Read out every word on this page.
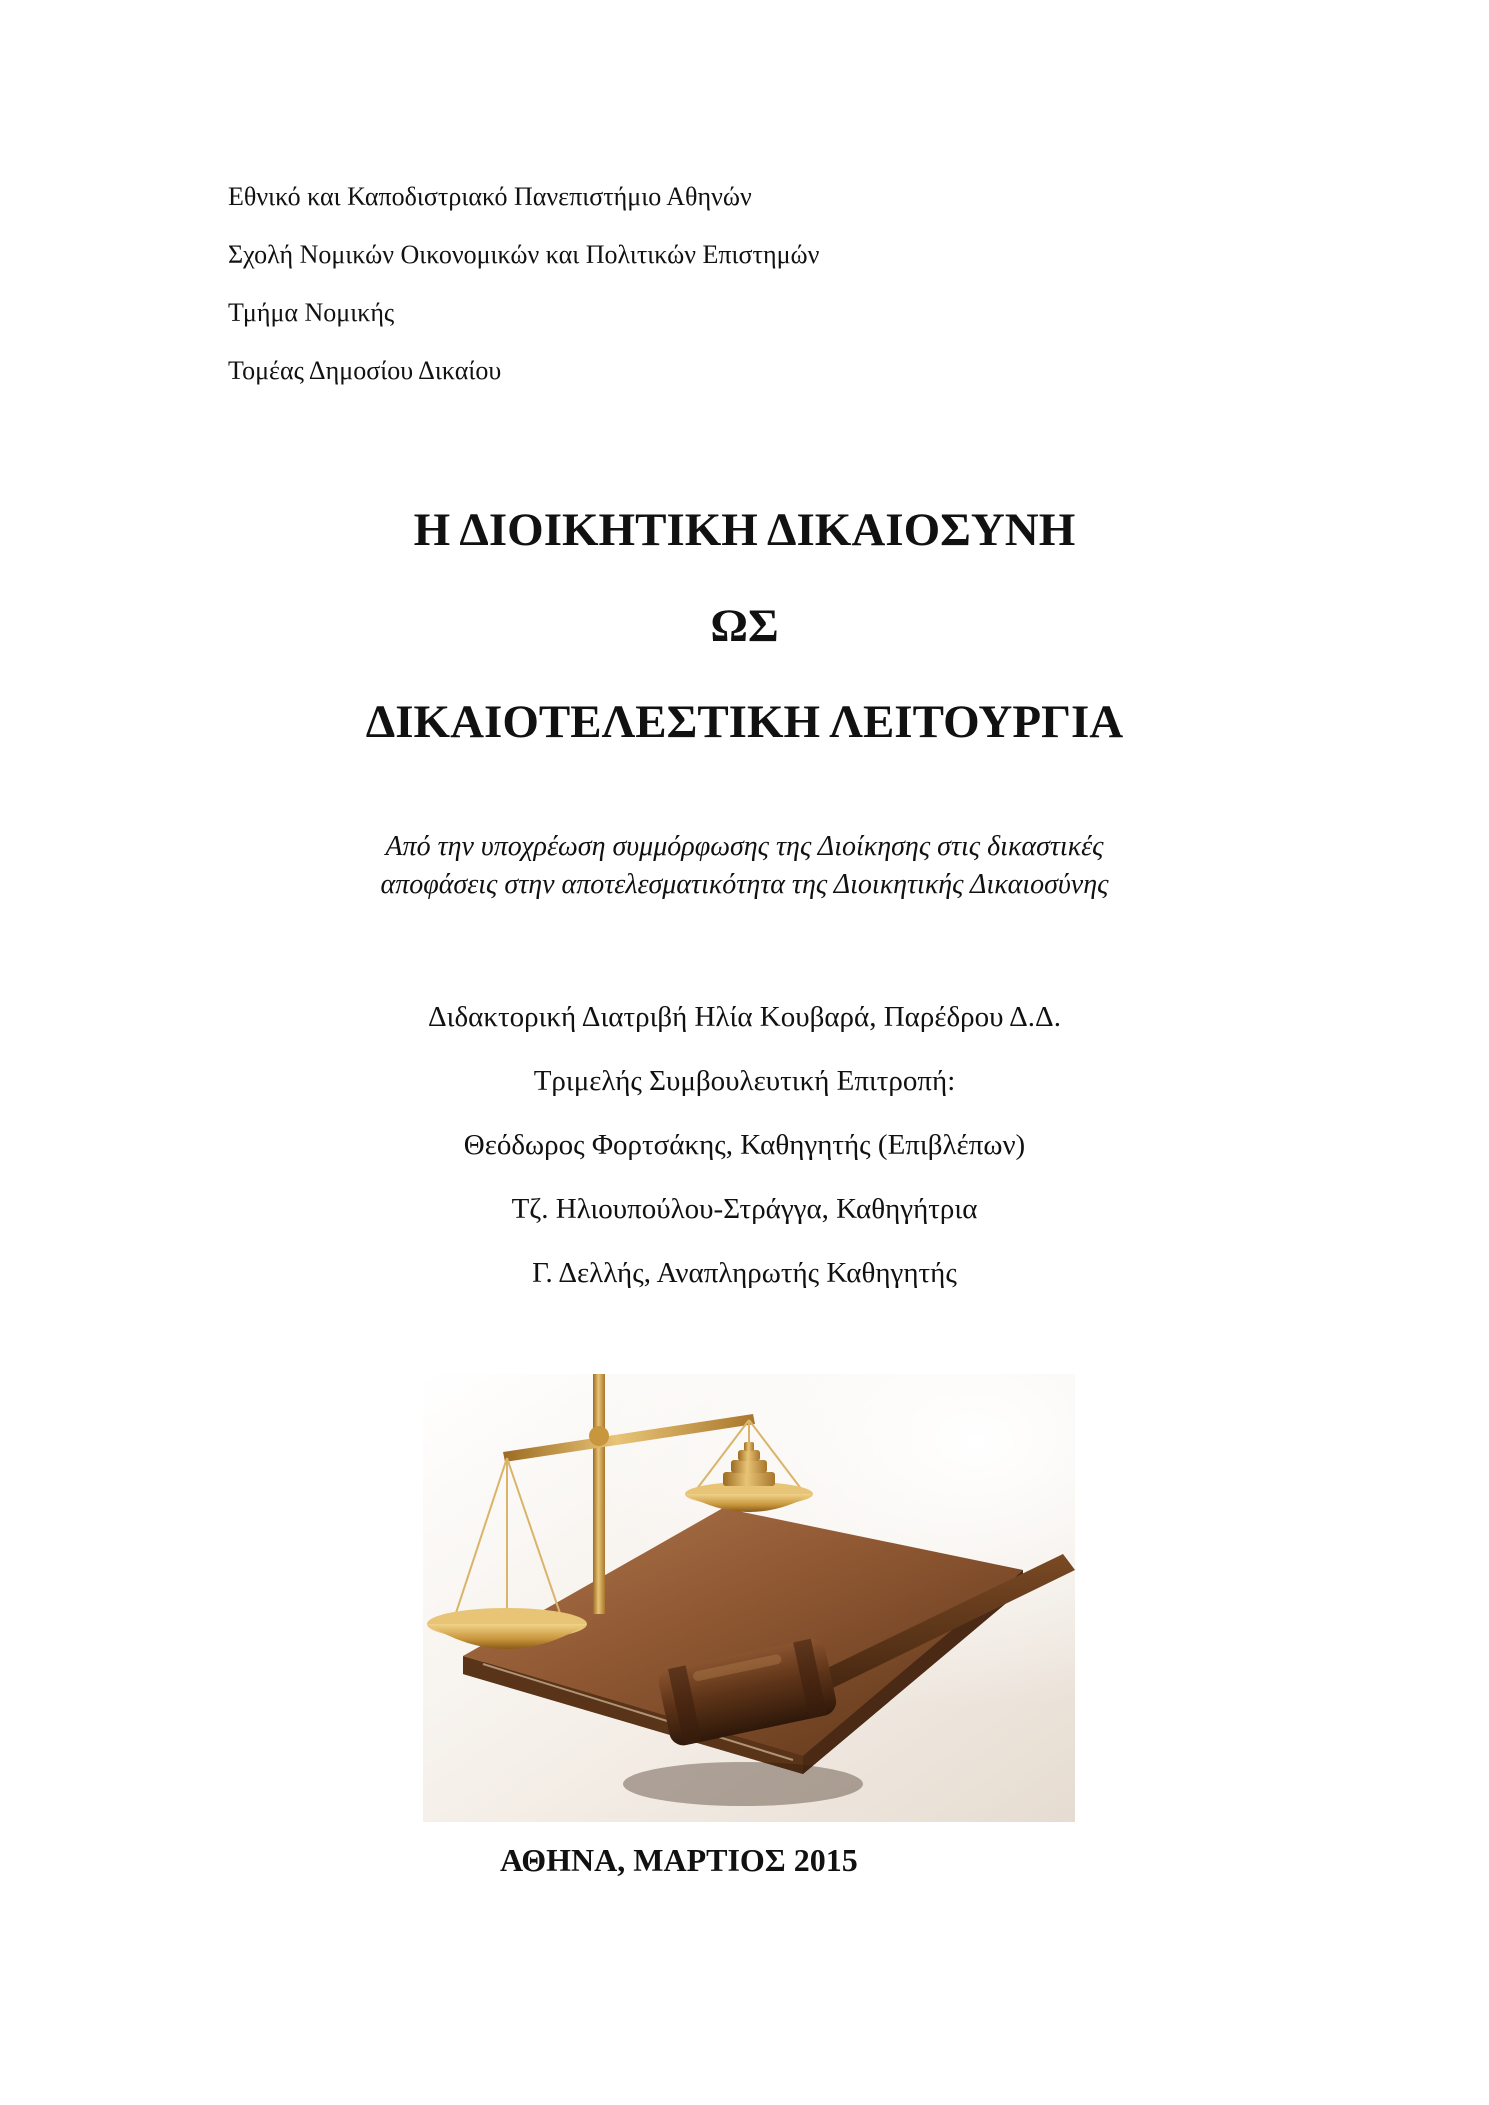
Εθνικό και Καποδιστριακό Πανεπιστήμιο Αθηνών
Σχολή Νομικών Οικονομικών και Πολιτικών Επιστημών
Τμήμα Νομικής
Τομέας Δημοσίου Δικαίου
Η ΔΙΟΙΚΗΤΙΚΗ ΔΙΚΑΙΟΣΥΝΗ
ΩΣ
ΔΙΚΑΙΟΤΕΛΕΣΤΙΚΗ ΛΕΙΤΟΥΡΓΙΑ
Από την υποχρέωση συμμόρφωσης της Διοίκησης στις δικαστικές
αποφάσεις στην αποτελεσματικότητα της Διοικητικής Δικαιοσύνης
Διδακτορική Διατριβή Ηλία Κουβαρά, Παρέδρου Δ.Δ.
Τριμελής Συμβουλευτική Επιτροπή:
Θεόδωρος Φορτσάκης, Καθηγητής (Επιβλέπων)
Τζ. Ηλιουπούλου-Στράγγα, Καθηγήτρια
Γ. Δελλής, Αναπληρωτής Καθηγητής
ΑΘΗΝΑ, ΜΑΡΤΙΟΣ 2015
